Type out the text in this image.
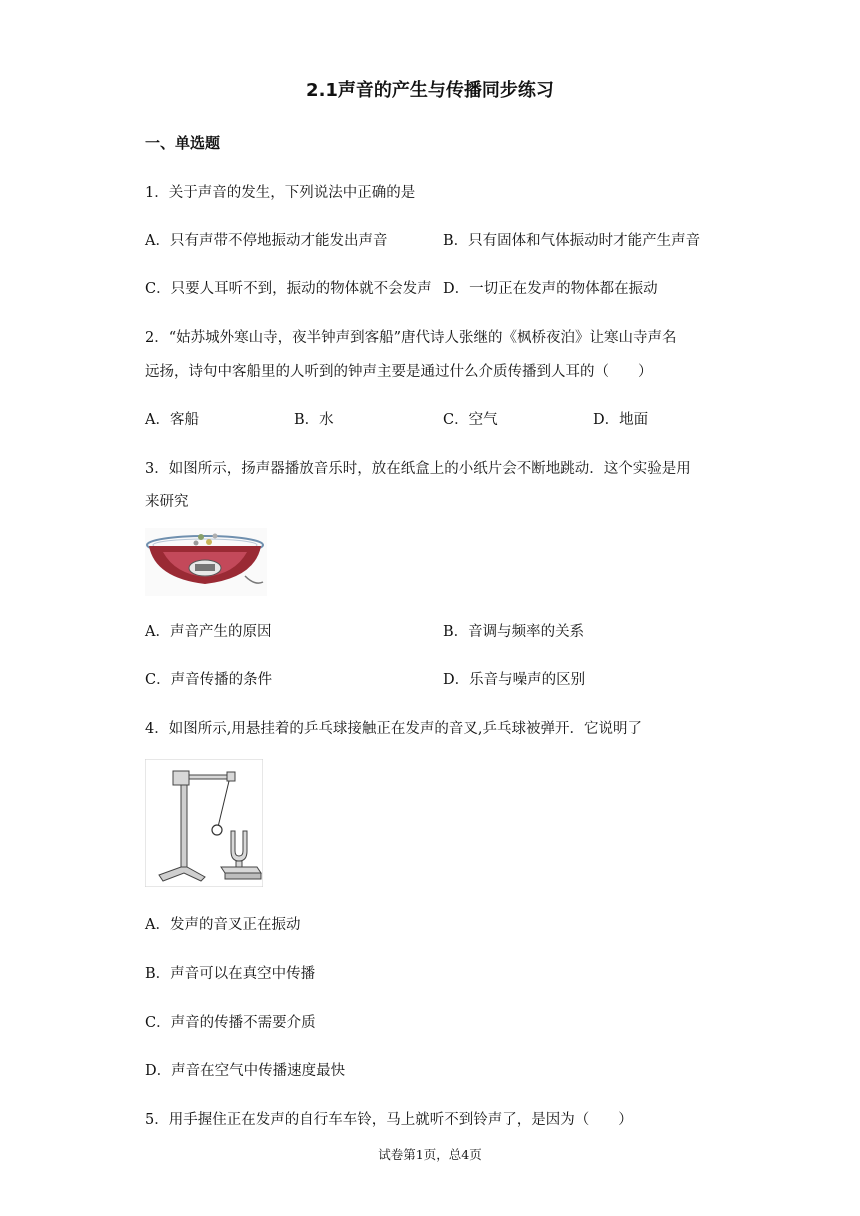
2.1声音的产生与传播同步练习
一、单选题
1．关于声音的发生，下列说法中正确的是
A．只有声带不停地振动才能发出声音	B．只有固体和气体振动时才能产生声音
C．只要人耳听不到，振动的物体就不会发声 D．一切正在发声的物体都在振动
2．“姑苏城外寒山寺，夜半钟声到客船”唐代诗人张继的《枫桥夜泊》让寒山寺声名
远扬，诗句中客船里的人听到的钟声主要是通过什么介质传播到人耳的（　　）
A．客船	B．水	C．空气	D．地面
3．如图所示，扬声器播放音乐时，放在纸盒上的小纸片会不断地跳动．这个实验是用
来研究
A．声音产生的原因	B．音调与频率的关系
C．声音传播的条件	D．乐音与噪声的区别
4．如图所示,用悬挂着的乒乓球接触正在发声的音叉,乒乓球被弹开．它说明了
A．发声的音叉正在振动
B．声音可以在真空中传播
C．声音的传播不需要介质
D．声音在空气中传播速度最快
5．用手握住正在发声的自行车车铃，马上就听不到铃声了，是因为（　　）
试卷第1页，总4页
